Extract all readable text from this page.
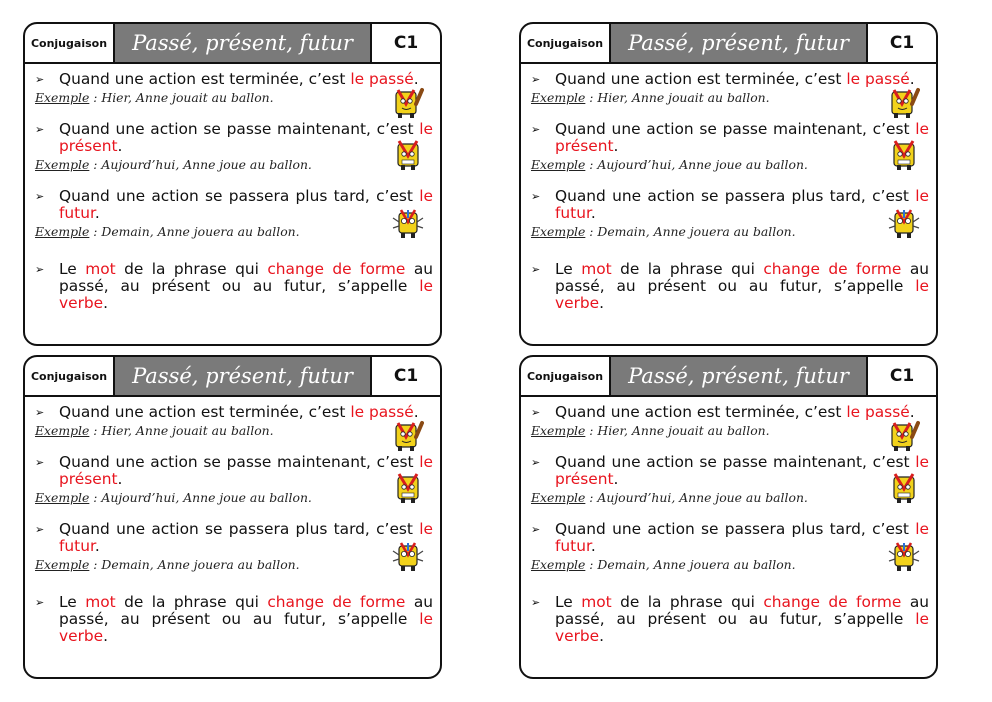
Conjugaison	Passé, présent, futur	C1
➢ Quand une action est terminée, c’est le passé.
Exemple : Hier, Anne jouait au ballon.
➢ Quand une action se passe maintenant, c’est le présent.
Exemple : Aujourd’hui, Anne joue au ballon.
➢ Quand une action se passera plus tard, c’est le futur.
Exemple : Demain, Anne jouera au ballon.
➢ Le mot de la phrase qui change de forme au passé, au présent ou au futur, s’appelle le verbe.
Conjugaison	Passé, présent, futur	C1
➢ Quand une action est terminée, c’est le passé.
Exemple : Hier, Anne jouait au ballon.
➢ Quand une action se passe maintenant, c’est le présent.
Exemple : Aujourd’hui, Anne joue au ballon.
➢ Quand une action se passera plus tard, c’est le futur.
Exemple : Demain, Anne jouera au ballon.
➢ Le mot de la phrase qui change de forme au passé, au présent ou au futur, s’appelle le verbe.
Conjugaison	Passé, présent, futur	C1
➢ Quand une action est terminée, c’est le passé.
Exemple : Hier, Anne jouait au ballon.
➢ Quand une action se passe maintenant, c’est le présent.
Exemple : Aujourd’hui, Anne joue au ballon.
➢ Quand une action se passera plus tard, c’est le futur.
Exemple : Demain, Anne jouera au ballon.
➢ Le mot de la phrase qui change de forme au passé, au présent ou au futur, s’appelle le verbe.
Conjugaison	Passé, présent, futur	C1
➢ Quand une action est terminée, c’est le passé.
Exemple : Hier, Anne jouait au ballon.
➢ Quand une action se passe maintenant, c’est le présent.
Exemple : Aujourd’hui, Anne joue au ballon.
➢ Quand une action se passera plus tard, c’est le futur.
Exemple : Demain, Anne jouera au ballon.
➢ Le mot de la phrase qui change de forme au passé, au présent ou au futur, s’appelle le verbe.
